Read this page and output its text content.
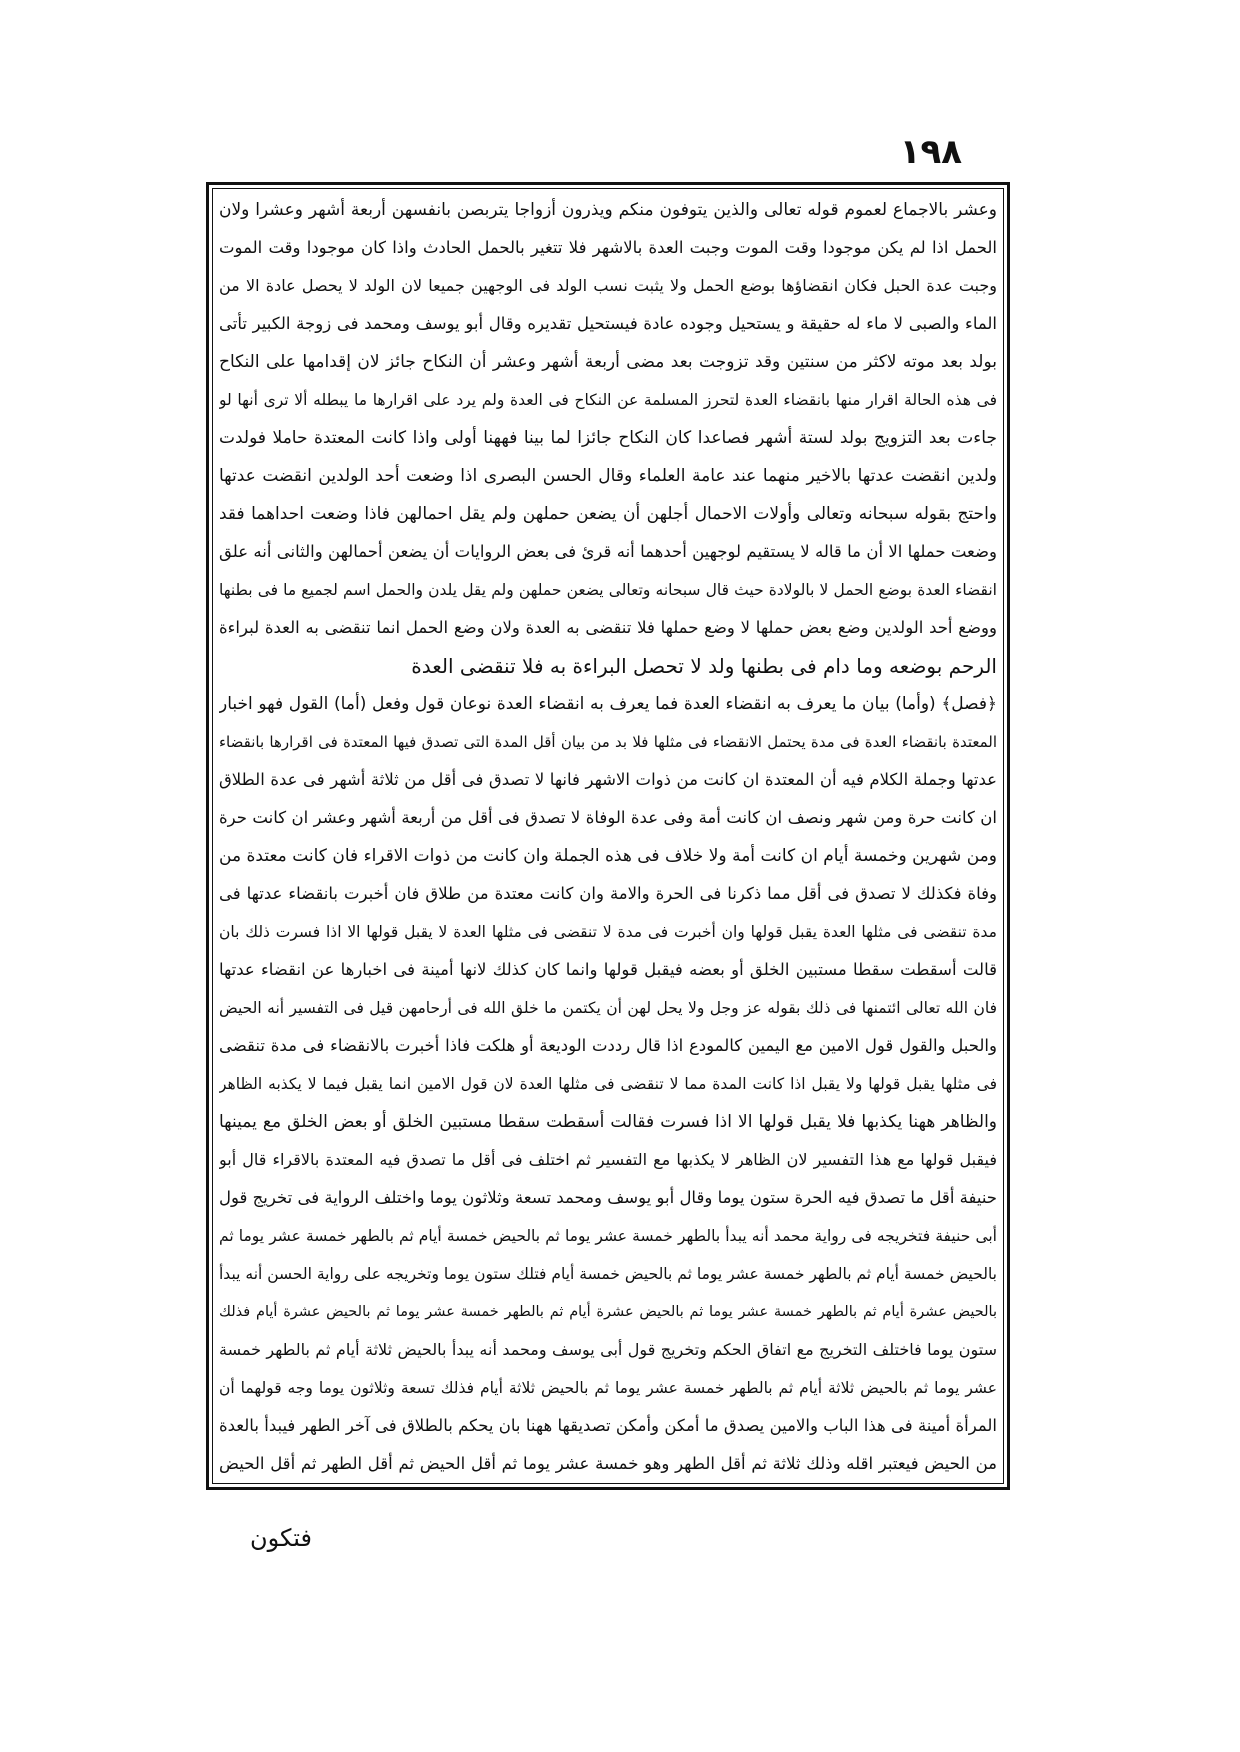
١٩٨
وعشر بالاجماع لعموم قوله تعالى والذين يتوفون منكم ويذرون أزواجا يتربصن بانفسهن أربعة أشهر وعشرا ولان
الحمل اذا لم يكن موجودا وقت الموت وجبت العدة بالاشهر فلا تتغير بالحمل الحادث واذا كان موجودا وقت الموت
وجبت عدة الحبل فكان انقضاؤها بوضع الحمل ولا يثبت نسب الولد فى الوجهين جميعا لان الولد لا يحصل عادة الا من
الماء والصبى لا ماء له حقيقة و يستحيل وجوده عادة فيستحيل تقديره وقال أبو يوسف ومحمد فى زوجة الكبير تأتى
بولد بعد موته لاكثر من سنتين وقد تزوجت بعد مضى أربعة أشهر وعشر أن النكاح جائز لان إقدامها على النكاح
فى هذه الحالة اقرار منها بانقضاء العدة لتحرز المسلمة عن النكاح فى العدة ولم يرد على اقرارها ما يبطله ألا ترى أنها لو
جاءت بعد التزويج بولد لستة أشهر فصاعدا كان النكاح جائزا لما بينا فههنا أولى واذا كانت المعتدة حاملا فولدت
ولدين انقضت عدتها بالاخير منهما عند عامة العلماء وقال الحسن البصرى اذا وضعت أحد الولدين انقضت عدتها
واحتج بقوله سبحانه وتعالى وأولات الاحمال أجلهن أن يضعن حملهن ولم يقل احمالهن فاذا وضعت احداهما فقد
وضعت حملها الا أن ما قاله لا يستقيم لوجهين أحدهما أنه قرئ فى بعض الروايات أن يضعن أحمالهن والثانى أنه علق
انقضاء العدة بوضع الحمل لا بالولادة حيث قال سبحانه وتعالى يضعن حملهن ولم يقل يلدن والحمل اسم لجميع ما فى بطنها
ووضع أحد الولدين وضع بعض حملها لا وضع حملها فلا تنقضى به العدة ولان وضع الحمل انما تنقضى به العدة لبراءة
الرحم بوضعه وما دام فى بطنها ولد لا تحصل البراءة به فلا تنقضى العدة
﴿فصل﴾ (وأما) بيان ما يعرف به انقضاء العدة فما يعرف به انقضاء العدة نوعان قول وفعل (أما) القول فهو اخبار
المعتدة بانقضاء العدة فى مدة يحتمل الانقضاء فى مثلها فلا بد من بيان أقل المدة التى تصدق فيها المعتدة فى اقرارها بانقضاء
عدتها وجملة الكلام فيه أن المعتدة ان كانت من ذوات الاشهر فانها لا تصدق فى أقل من ثلاثة أشهر فى عدة الطلاق
ان كانت حرة ومن شهر ونصف ان كانت أمة وفى عدة الوفاة لا تصدق فى أقل من أربعة أشهر وعشر ان كانت حرة
ومن شهرين وخمسة أيام ان كانت أمة ولا خلاف فى هذه الجملة وان كانت من ذوات الاقراء فان كانت معتدة من
وفاة فكذلك لا تصدق فى أقل مما ذكرنا فى الحرة والامة وان كانت معتدة من طلاق فان أخبرت بانقضاء عدتها فى
مدة تنقضى فى مثلها العدة يقبل قولها وان أخبرت فى مدة لا تنقضى فى مثلها العدة لا يقبل قولها الا اذا فسرت ذلك بان
قالت أسقطت سقطا مستبين الخلق أو بعضه فيقبل قولها وانما كان كذلك لانها أمينة فى اخبارها عن انقضاء عدتها
فان الله تعالى ائتمنها فى ذلك بقوله عز وجل ولا يحل لهن أن يكتمن ما خلق الله فى أرحامهن قيل فى التفسير أنه الحيض
والحبل والقول قول الامين مع اليمين كالمودع اذا قال رددت الوديعة أو هلكت فاذا أخبرت بالانقضاء فى مدة تنقضى
فى مثلها يقبل قولها ولا يقبل اذا كانت المدة مما لا تنقضى فى مثلها العدة لان قول الامين انما يقبل فيما لا يكذبه الظاهر
والظاهر ههنا يكذبها فلا يقبل قولها الا اذا فسرت فقالت أسقطت سقطا مستبين الخلق أو بعض الخلق مع يمينها
فيقبل قولها مع هذا التفسير لان الظاهر لا يكذبها مع التفسير ثم اختلف فى أقل ما تصدق فيه المعتدة بالاقراء قال أبو
حنيفة أقل ما تصدق فيه الحرة ستون يوما وقال أبو يوسف ومحمد تسعة وثلاثون يوما واختلف الرواية فى تخريج قول
أبى حنيفة فتخريجه فى رواية محمد أنه يبدأ بالطهر خمسة عشر يوما ثم بالحيض خمسة أيام ثم بالطهر خمسة عشر يوما ثم
بالحيض خمسة أيام ثم بالطهر خمسة عشر يوما ثم بالحيض خمسة أيام فتلك ستون يوما وتخريجه على رواية الحسن أنه يبدأ
بالحيض عشرة أيام ثم بالطهر خمسة عشر يوما ثم بالحيض عشرة أيام ثم بالطهر خمسة عشر يوما ثم بالحيض عشرة أيام فذلك
ستون يوما فاختلف التخريج مع اتفاق الحكم وتخريج قول أبى يوسف ومحمد أنه يبدأ بالحيض ثلاثة أيام ثم بالطهر خمسة
عشر يوما ثم بالحيض ثلاثة أيام ثم بالطهر خمسة عشر يوما ثم بالحيض ثلاثة أيام فذلك تسعة وثلاثون يوما وجه قولهما أن
المرأة أمينة فى هذا الباب والامين يصدق ما أمكن وأمكن تصديقها ههنا بان يحكم بالطلاق فى آخر الطهر فيبدأ بالعدة
من الحيض فيعتبر اقله وذلك ثلاثة ثم أقل الطهر وهو خمسة عشر يوما ثم أقل الحيض ثم أقل الطهر ثم أقل الحيض
فتكون
